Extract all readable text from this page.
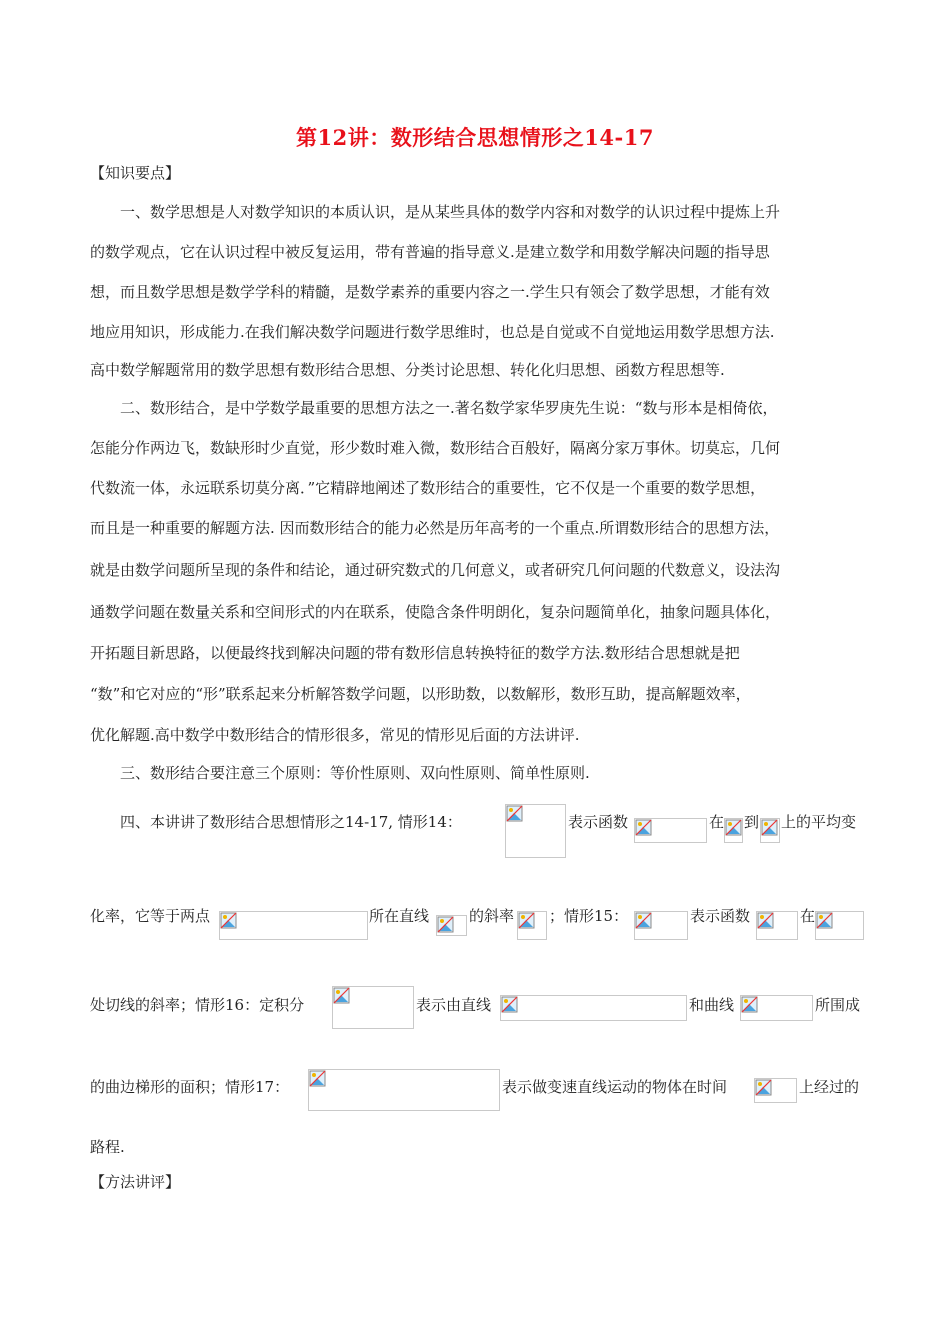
第12讲：数形结合思想情形之14-17
【知识要点】
一、数学思想是人对数学知识的本质认识，是从某些具体的数学内容和对数学的认识过程中提炼上升
的数学观点，它在认识过程中被反复运用，带有普遍的指导意义.是建立数学和用数学解决问题的指导思
想，而且数学思想是数学学科的精髓，是数学素养的重要内容之一.学生只有领会了数学思想，才能有效
地应用知识，形成能力.在我们解决数学问题进行数学思维时，也总是自觉或不自觉地运用数学思想方法.
高中数学解题常用的数学思想有数形结合思想、分类讨论思想、转化化归思想、函数方程思想等.
二、数形结合，是中学数学最重要的思想方法之一.著名数学家华罗庚先生说：“数与形本是相倚依，
怎能分作两边飞，数缺形时少直觉，形少数时难入微，数形结合百般好，隔离分家万事休。切莫忘，几何
代数流一体，永远联系切莫分离．”它精辟地阐述了数形结合的重要性，它不仅是一个重要的数学思想，
而且是一种重要的解题方法. 因而数形结合的能力必然是历年高考的一个重点.所谓数形结合的思想方法，
就是由数学问题所呈现的条件和结论，通过研究数式的几何意义，或者研究几何问题的代数意义，设法沟
通数学问题在数量关系和空间形式的内在联系，使隐含条件明朗化，复杂问题简单化，抽象问题具体化，
开拓题目新思路，以便最终找到解决问题的带有数形信息转换特征的数学方法.数形结合思想就是把
“数”和它对应的“形”联系起来分析解答数学问题，以形助数，以数解形，数形互助，提高解题效率，
优化解题.高中数学中数形结合的情形很多，常见的情形见后面的方法讲评.
三、数形结合要注意三个原则：等价性原则、双向性原则、简单性原则.
四、本讲讲了数形结合思想情形之14-17, 情形14：	表示函数	在 到 上的平均变
化率，它等于两点	所在直线	的斜率 ；情形15：	表示函数	在
处切线的斜率；情形16：定积分	表示由直线	和曲线	所围成
的曲边梯形的面积；情形17：	表示做变速直线运动的物体在时间	上经过的
路程.
【方法讲评】
